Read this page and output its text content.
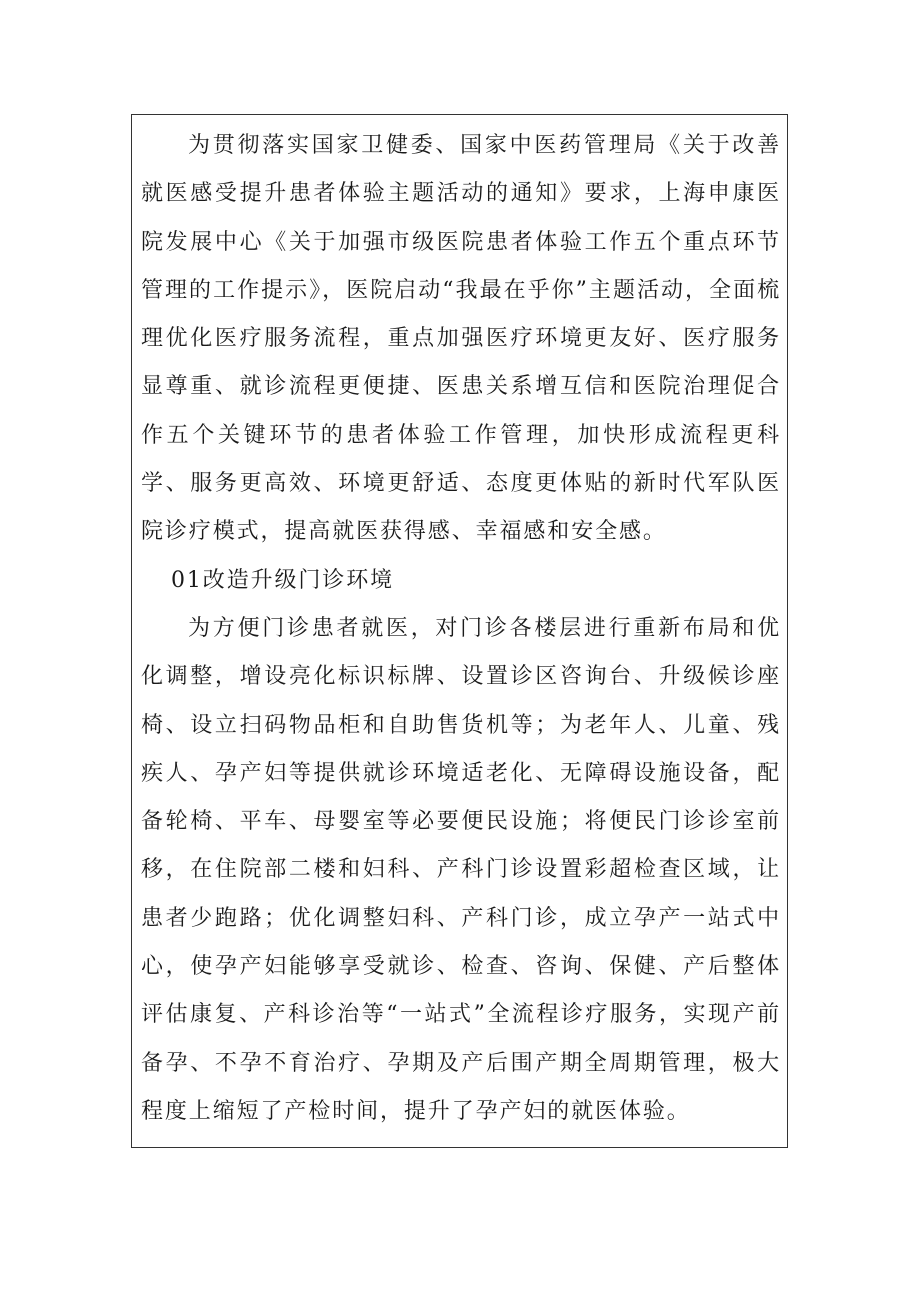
为贯彻落实国家卫健委、国家中医药管理局《关于改善就医感受提升患者体验主题活动的通知》要求，上海申康医院发展中心《关于加强市级医院患者体验工作五个重点环节管理的工作提示》，医院启动“我最在乎你”主题活动，全面梳理优化医疗服务流程，重点加强医疗环境更友好、医疗服务显尊重、就诊流程更便捷、医患关系增互信和医院治理促合作五个关键环节的患者体验工作管理，加快形成流程更科学、服务更高效、环境更舒适、态度更体贴的新时代军队医院诊疗模式，提高就医获得感、幸福感和安全感。

01改造升级门诊环境

为方便门诊患者就医，对门诊各楼层进行重新布局和优化调整，增设亮化标识标牌、设置诊区咨询台、升级候诊座椅、设立扫码物品柜和自助售货机等；为老年人、儿童、残疾人、孕产妇等提供就诊环境适老化、无障碍设施设备，配备轮椅、平车、母婴室等必要便民设施；将便民门诊诊室前移，在住院部二楼和妇科、产科门诊设置彩超检查区域，让患者少跑路；优化调整妇科、产科门诊，成立孕产一站式中心，使孕产妇能够享受就诊、检查、咨询、保健、产后整体评估康复、产科诊治等“一站式”全流程诊疗服务，实现产前备孕、不孕不育治疗、孕期及产后围产期全周期管理，极大程度上缩短了产检时间，提升了孕产妇的就医体验。
